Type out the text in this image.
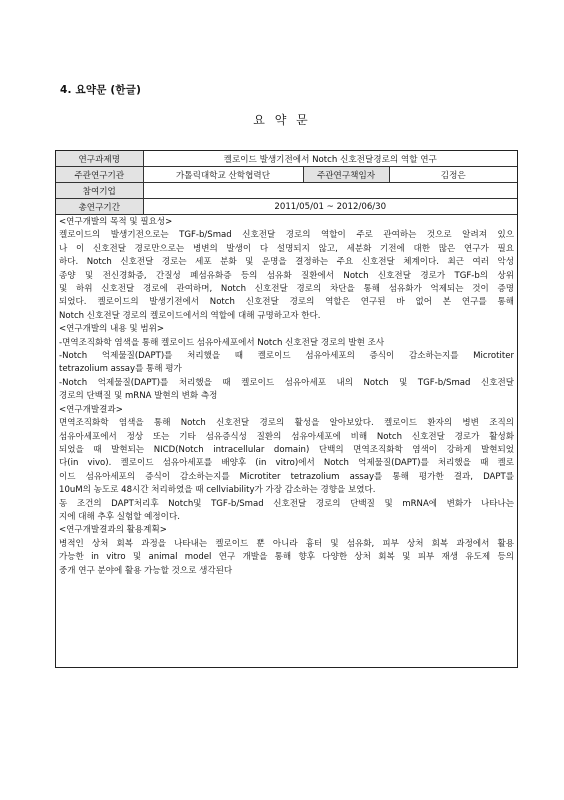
4. 요약문 (한글)
요 약 문
연구과제명	켈로이드 발생기전에서 Notch 신호전달경로의 역할 연구		
주관연구기관	가톨릭대학교 산학협력단	주관연구책임자	김정은
참여기업			
총연구기간	2011/05/01 ~ 2012/06/30		
<연구개발의 목적 및 필요성>
켈로이드의 발생기전으로는 TGF-b/Smad 신호전달 경로의 역할이 주로 관여하는 것으로 알려져 있으
나 이 신호전달 경로만으로는 병변의 발생이 다 설명되지 않고, 세분화 기전에 대한 많은 연구가 필요
하다. Notch 신호전달 경로는 세포 분화 및 운명을 결정하는 주요 신호전달 체계이다. 최근 여러 악성
종양 및 전신경화증, 간질성 폐섬유화증 등의 섬유화 질환에서 Notch 신호전달 경로가 TGF-b의 상위
및 하위 신호전달 경로에 관여하며, Notch 신호전달 경로의 차단을 통해 섬유화가 억제되는 것이 증명
되었다. 켈로이드의 발생기전에서 Notch 신호전달 경로의 역할은 연구된 바 없어 본 연구를 통해
Notch 신호전달 경로의 켈로이드에서의 역할에 대해 규명하고자 한다.
<연구개발의 내용 및 범위>
-면역조직화학 염색을 통해 켈로이드 섬유아세포에서 Notch 신호전달 경로의 발현 조사
-Notch 억제물질(DAPT)를 처리했을 때 켈로이드 섬유아세포의 증식이 감소하는지를 Microtiter
tetrazolium assay를 통해 평가
-Notch 억제물질(DAPT)를 처리했을 때 켈로이드 섬유아세포 내의 Notch 및 TGF-b/Smad 신호전달
경로의 단백질 및 mRNA 발현의 변화 측정
<연구개발결과>
면역조직화학 염색을 통해 Notch 신호전달 경로의 활성을 알아보았다. 켈로이드 환자의 병변 조직의
섬유아세포에서 정상 또는 기타 섬유증식성 질환의 섬유아세포에 비해 Notch 신호전달 경로가 활성화
되었을 때 발현되는 NICD(Notch intracellular domain) 단백의 면역조직화학 염색이 강하게 발현되었
다(in vivo). 켈로이드 섬유아세포를 배양후 (in vitro)에서 Notch 억제물질(DAPT)를 처리했을 때 켈로
이드 섬유아세포의 증식이 감소하는지를 Microtiter tetrazolium assay를 통해 평가한 결과, DAPT를
10uM의 농도로 48시간 처리하였을 때 cellviability가 가장 감소하는 경향을 보였다.
동 조건의 DAPT처리후 Notch및 TGF-b/Smad 신호전달 경로의 단백질 및 mRNA에 변화가 나타나는
지에 대해 추후 실험할 예정이다.
<연구개발결과의 활용계획>
병적인 상처 회복 과정을 나타내는 켈로이드 뿐 아니라 흉터 및 섬유화, 피부 상처 회복 과정에서 활용
가능한 in vitro 및 animal model 연구 개발을 통해 향후 다양한 상처 회복 및 피부 재생 유도제 등의
중개 연구 분야에 활용 가능할 것으로 생각된다
